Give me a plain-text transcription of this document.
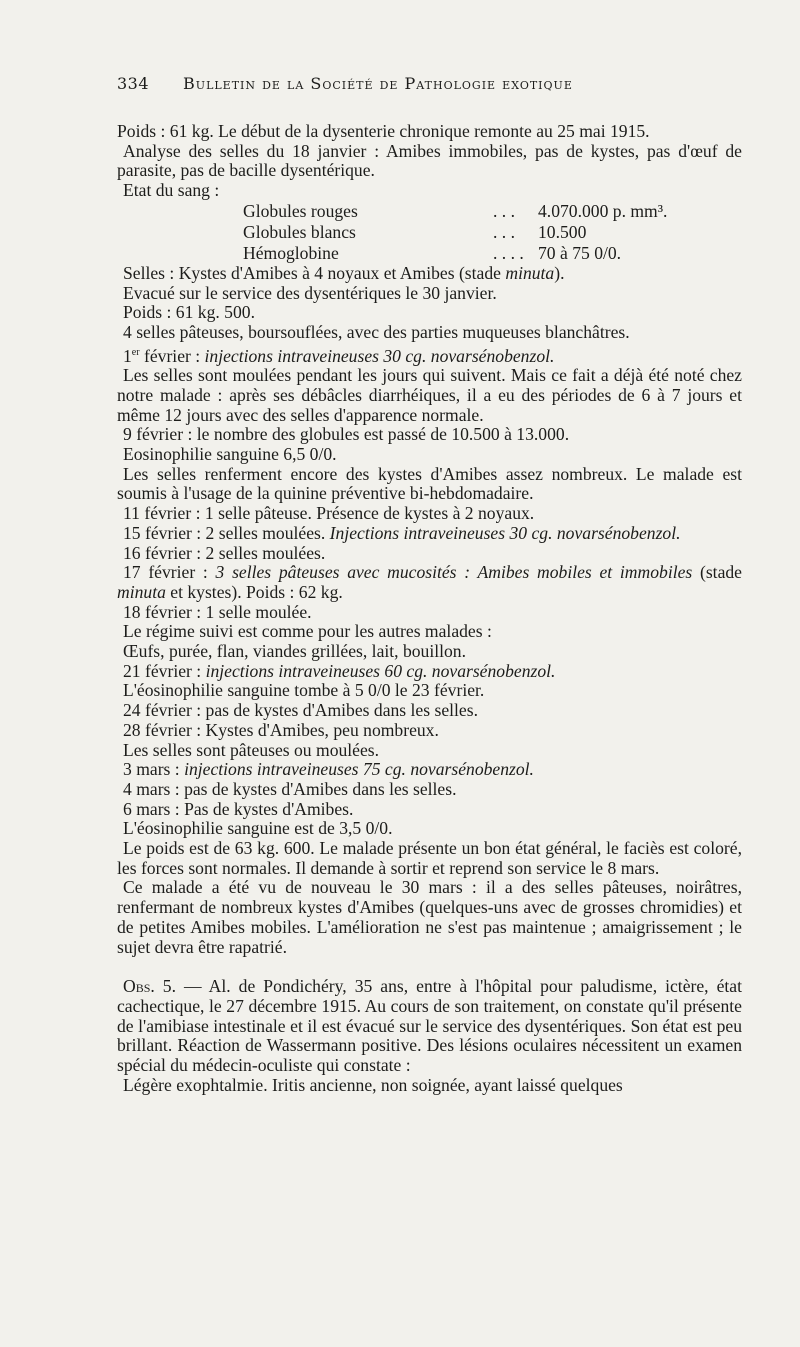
334 Bulletin de la Société de Pathologie exotique

Poids : 61 kg. Le début de la dysenterie chronique remonte au 25 mai 1915.

Analyse des selles du 18 janvier : Amibes immobiles, pas de kystes, pas d'œuf de parasite, pas de bacille dysentérique.

Etat du sang :

Globules rouges	. . .	4.070.000 p. mm³.
Globules blancs	. . .	10.500
Hémoglobine	. . . . 70 à 75 0/0.

Selles : Kystes d'Amibes à 4 noyaux et Amibes (stade minuta).

Evacué sur le service des dysentériques le 30 janvier.

Poids : 61 kg. 500.

4 selles pâteuses, boursouflées, avec des parties muqueuses blanchâtres.

1er février : injections intraveineuses 30 cg. novarsénobenzol.

Les selles sont moulées pendant les jours qui suivent. Mais ce fait a déjà été noté chez notre malade : après ses débâcles diarrhéiques, il a eu des périodes de 6 à 7 jours et même 12 jours avec des selles d'apparence normale.

9 février : le nombre des globules est passé de 10.500 à 13.000.

Eosinophilie sanguine 6,5 0/0.

Les selles renferment encore des kystes d'Amibes assez nombreux. Le malade est soumis à l'usage de la quinine préventive bi-hebdomadaire.

11 février : 1 selle pâteuse. Présence de kystes à 2 noyaux.

15 février : 2 selles moulées. Injections intraveineuses 30 cg. novarsénobenzol.

16 février : 2 selles moulées.

17 février : 3 selles pâteuses avec mucosités : Amibes mobiles et immobiles (stade minuta et kystes). Poids : 62 kg.

18 février : 1 selle moulée.

Le régime suivi est comme pour les autres malades :

Œufs, purée, flan, viandes grillées, lait, bouillon.

21 février : injections intraveineuses 60 cg. novarsénobenzol.

L'éosinophilie sanguine tombe à 5 0/0 le 23 février.

24 février : pas de kystes d'Amibes dans les selles.

28 février : Kystes d'Amibes, peu nombreux.

Les selles sont pâteuses ou moulées.

3 mars : injections intraveineuses 75 cg. novarsénobenzol.

4 mars : pas de kystes d'Amibes dans les selles.

6 mars : Pas de kystes d'Amibes.

L'éosinophilie sanguine est de 3,5 0/0.

Le poids est de 63 kg. 600. Le malade présente un bon état général, le faciès est coloré, les forces sont normales. Il demande à sortir et reprend son service le 8 mars.

Ce malade a été vu de nouveau le 30 mars : il a des selles pâteuses, noirâtres, renfermant de nombreux kystes d'Amibes (quelques-uns avec de grosses chromidies) et de petites Amibes mobiles. L'amélioration ne s'est pas maintenue ; amaigrissement ; le sujet devra être rapatrié.

Obs. 5. — Al. de Pondichéry, 35 ans, entre à l'hôpital pour paludisme, ictère, état cachectique, le 27 décembre 1915. Au cours de son traitement, on constate qu'il présente de l'amibiase intestinale et il est évacué sur le service des dysentériques. Son état est peu brillant. Réaction de Wassermann positive. Des lésions oculaires nécessitent un examen spécial du médecin-oculiste qui constate :

Légère exophtalmie. Iritis ancienne, non soignée, ayant laissé quelques
